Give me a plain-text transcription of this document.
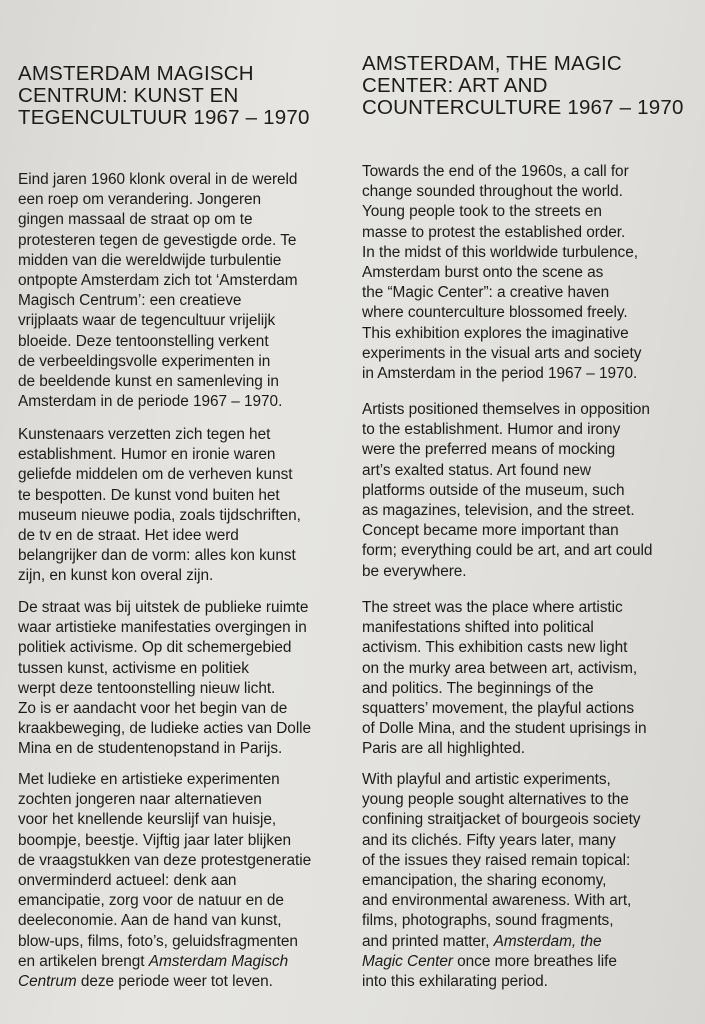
AMSTERDAM MAGISCH
CENTRUM: KUNST EN
TEGENCULTUUR 1967 – 1970

Eind jaren 1960 klonk overal in de wereld
een roep om verandering. Jongeren
gingen massaal de straat op om te
protesteren tegen de gevestigde orde. Te
midden van die wereldwijde turbulentie
ontpopte Amsterdam zich tot ‘Amsterdam
Magisch Centrum’: een creatieve
vrijplaats waar de tegencultuur vrijelijk
bloeide. Deze tentoonstelling verkent
de verbeeldingsvolle experimenten in
de beeldende kunst en samenleving in
Amsterdam in de periode 1967 – 1970.

Kunstenaars verzetten zich tegen het
establishment. Humor en ironie waren
geliefde middelen om de verheven kunst
te bespotten. De kunst vond buiten het
museum nieuwe podia, zoals tijdschriften,
de tv en de straat. Het idee werd
belangrijker dan de vorm: alles kon kunst
zijn, en kunst kon overal zijn.

De straat was bij uitstek de publieke ruimte
waar artistieke manifestaties overgingen in
politiek activisme. Op dit schemergebied
tussen kunst, activisme en politiek
werpt deze tentoonstelling nieuw licht.
Zo is er aandacht voor het begin van de
kraakbeweging, de ludieke acties van Dolle
Mina en de studentenopstand in Parijs.

Met ludieke en artistieke experimenten
zochten jongeren naar alternatieven
voor het knellende keurslijf van huisje,
boompje, beestje. Vijftig jaar later blijken
de vraagstukken van deze protestgeneratie
onverminderd actueel: denk aan
emancipatie, zorg voor de natuur en de
deeleconomie. Aan de hand van kunst,
blow-ups, films, foto’s, geluidsfragmenten
en artikelen brengt Amsterdam Magisch
Centrum deze periode weer tot leven.

AMSTERDAM, THE MAGIC
CENTER: ART AND
COUNTERCULTURE 1967 – 1970

Towards the end of the 1960s, a call for
change sounded throughout the world.
Young people took to the streets en
masse to protest the established order.
In the midst of this worldwide turbulence,
Amsterdam burst onto the scene as
the “Magic Center”: a creative haven
where counterculture blossomed freely.
This exhibition explores the imaginative
experiments in the visual arts and society
in Amsterdam in the period 1967 – 1970.

Artists positioned themselves in opposition
to the establishment. Humor and irony
were the preferred means of mocking
art’s exalted status. Art found new
platforms outside of the museum, such
as magazines, television, and the street.
Concept became more important than
form; everything could be art, and art could
be everywhere.

The street was the place where artistic
manifestations shifted into political
activism. This exhibition casts new light
on the murky area between art, activism,
and politics. The beginnings of the
squatters’ movement, the playful actions
of Dolle Mina, and the student uprisings in
Paris are all highlighted.

With playful and artistic experiments,
young people sought alternatives to the
confining straitjacket of bourgeois society
and its clichés. Fifty years later, many
of the issues they raised remain topical:
emancipation, the sharing economy,
and environmental awareness. With art,
films, photographs, sound fragments,
and printed matter, Amsterdam, the
Magic Center once more breathes life
into this exhilarating period.
